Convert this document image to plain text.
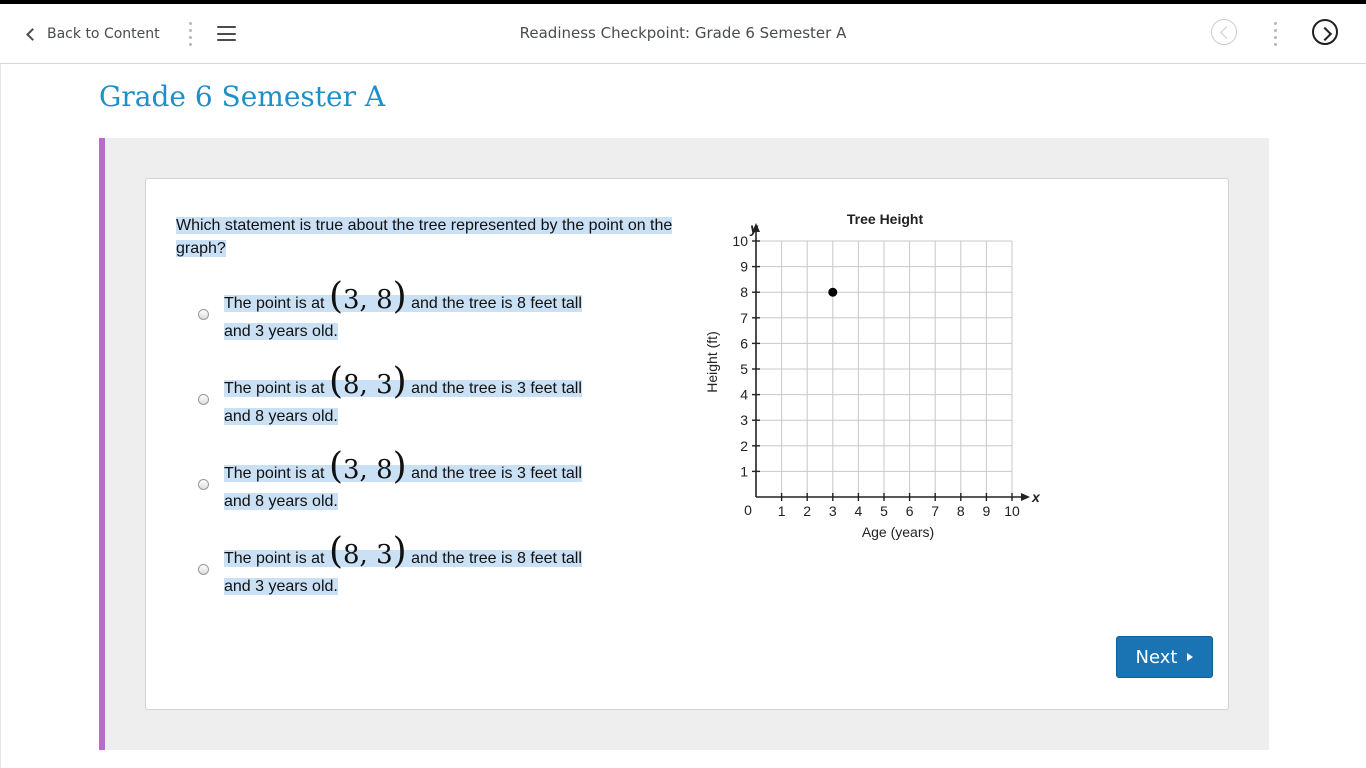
Back to Content	Readiness Checkpoint: Grade 6 Semester A
Grade 6 Semester A

Which statement is true about the tree represented by the point on the graph?

The point is at (3, 8) and the tree is 8 feet tall
and 3 years old.
The point is at (8, 3) and the tree is 3 feet tall
and 8 years old.
The point is at (3, 8) and the tree is 3 feet tall
and 8 years old.
The point is at (8, 3) and the tree is 8 feet tall
and 3 years old.
1 2 3 4 5 6 7 8 9 10
1
2
3
4
5
6
7
8
9
10
Tree Height
Age (years)
Height (ft)
x
y
0
Next
